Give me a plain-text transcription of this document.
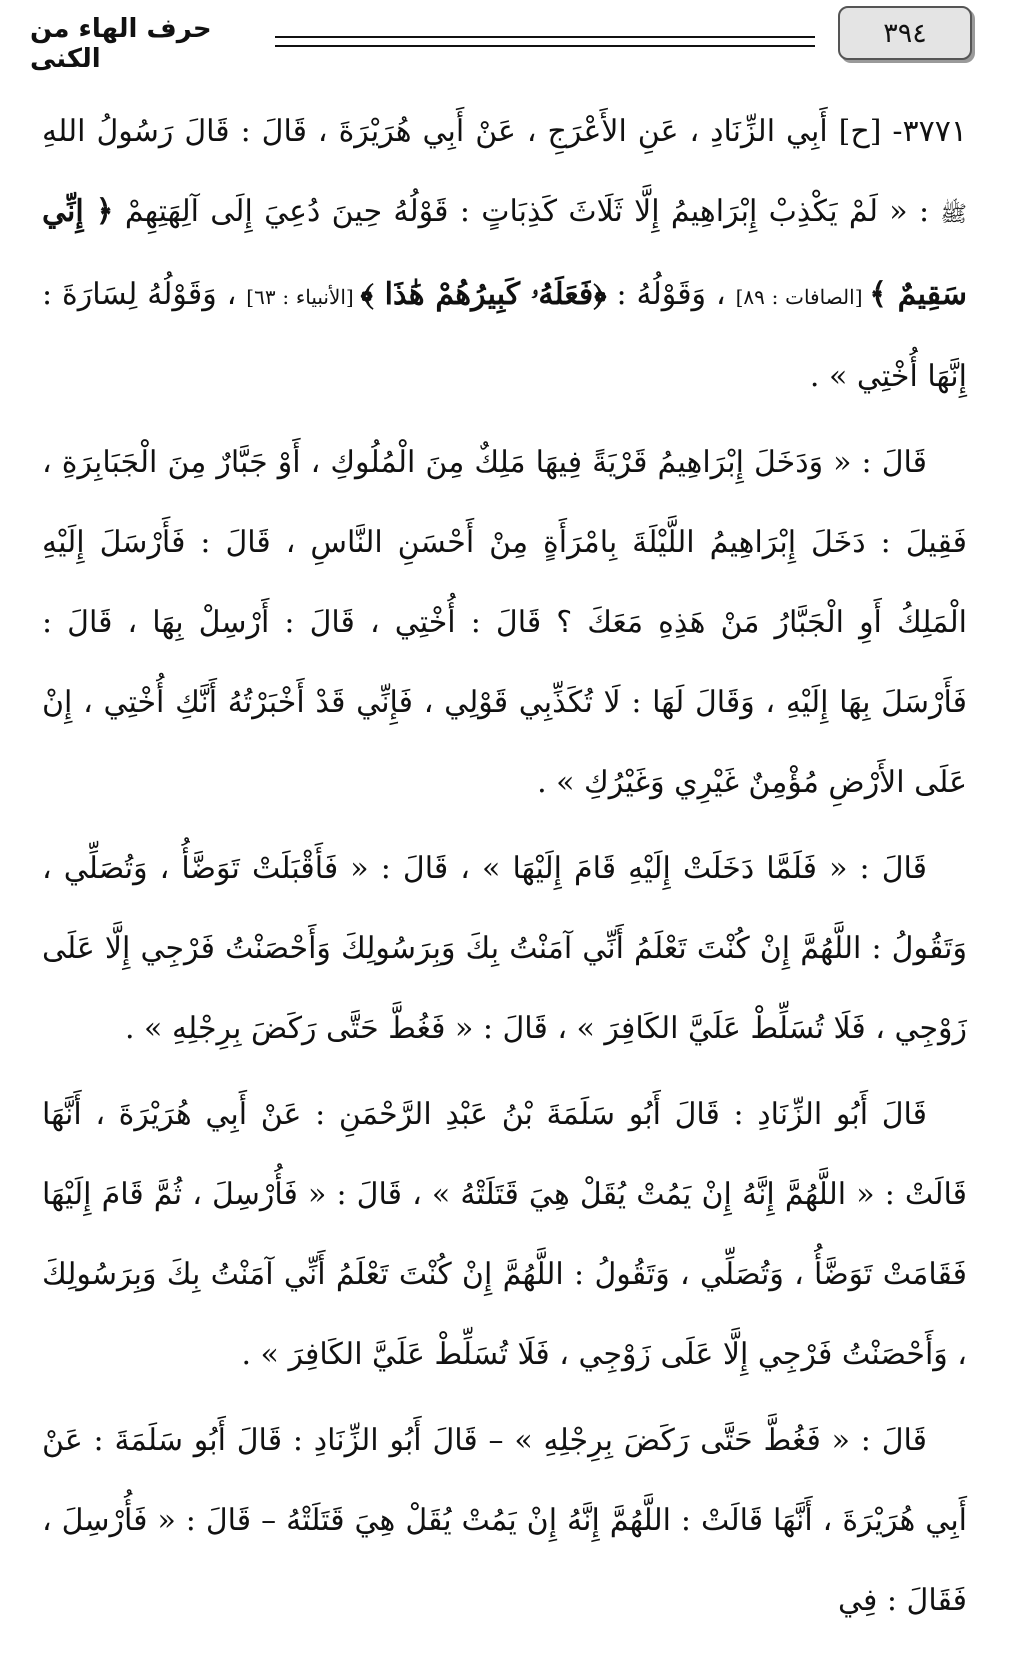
٣٩٤
حرف الهاء من الكنى

٣٧٧١- [ح] أَبِي الزِّنَادِ ، عَنِ الأَعْرَجِ ، عَنْ أَبِي هُرَيْرَةَ ، قَالَ : قَالَ رَسُولُ اللهِ ﷺ : « لَمْ يَكْذِبْ إِبْرَاهِيمُ إِلَّا ثَلَاثَ كَذِبَاتٍ : قَوْلُهُ حِينَ دُعِيَ إِلَى آلِهَتِهِمْ ﴿ إِنِّي سَقِيمٌ ﴾ [الصافات : ٨٩] ، وَقَوْلُهُ : ﴿فَعَلَهُۥ كَبِيرُهُمْ هَٰذَا ﴾ [الأنبياء : ٦٣] ، وَقَوْلُهُ لِسَارَةَ : إِنَّهَا أُخْتِي » .

قَالَ : « وَدَخَلَ إِبْرَاهِيمُ قَرْيَةً فِيهَا مَلِكٌ مِنَ الْمُلُوكِ ، أَوْ جَبَّارٌ مِنَ الْجَبَابِرَةِ ، فَقِيلَ : دَخَلَ إِبْرَاهِيمُ اللَّيْلَةَ بِامْرَأَةٍ مِنْ أَحْسَنِ النَّاسِ ، قَالَ : فَأَرْسَلَ إِلَيْهِ الْمَلِكُ أَوِ الْجَبَّارُ مَنْ هَذِهِ مَعَكَ ؟ قَالَ : أُخْتِي ، قَالَ : أَرْسِلْ بِهَا ، قَالَ : فَأَرْسَلَ بِهَا إِلَيْهِ ، وَقَالَ لَهَا : لَا تُكَذِّبِي قَوْلِي ، فَإِنِّي قَدْ أَخْبَرْتُهُ أَنَّكِ أُخْتِي ، إِنْ عَلَى الأَرْضِ مُؤْمِنٌ غَيْرِي وَغَيْرُكِ » .

قَالَ : « فَلَمَّا دَخَلَتْ إِلَيْهِ قَامَ إِلَيْهَا » ، قَالَ : « فَأَقْبَلَتْ تَوَضَّأُ ، وَتُصَلِّي ، وَتَقُولُ : اللَّهُمَّ إِنْ كُنْتَ تَعْلَمُ أَنِّي آمَنْتُ بِكَ وَبِرَسُولِكَ وَأَحْصَنْتُ فَرْجِي إِلَّا عَلَى زَوْجِي ، فَلَا تُسَلِّطْ عَلَيَّ الكَافِرَ » ، قَالَ : « فَغُطَّ حَتَّى رَكَضَ بِرِجْلِهِ » .

قَالَ أَبُو الزِّنَادِ : قَالَ أَبُو سَلَمَةَ بْنُ عَبْدِ الرَّحْمَنِ : عَنْ أَبِي هُرَيْرَةَ ، أَنَّهَا قَالَتْ : « اللَّهُمَّ إِنَّهُ إِنْ يَمُتْ يُقَلْ هِيَ قَتَلَتْهُ » ، قَالَ : « فَأُرْسِلَ ، ثُمَّ قَامَ إِلَيْهَا فَقَامَتْ تَوَضَّأُ ، وَتُصَلِّي ، وَتَقُولُ : اللَّهُمَّ إِنْ كُنْتَ تَعْلَمُ أَنِّي آمَنْتُ بِكَ وَبِرَسُولِكَ ، وَأَحْصَنْتُ فَرْجِي إِلَّا عَلَى زَوْجِي ، فَلَا تُسَلِّطْ عَلَيَّ الكَافِرَ » .

قَالَ : « فَغُطَّ حَتَّى رَكَضَ بِرِجْلِهِ » – قَالَ أَبُو الزِّنَادِ : قَالَ أَبُو سَلَمَةَ : عَنْ أَبِي هُرَيْرَةَ ، أَنَّهَا قَالَتْ : اللَّهُمَّ إِنَّهُ إِنْ يَمُتْ يُقَلْ هِيَ قَتَلَتْهُ – قَالَ : « فَأُرْسِلَ ، فَقَالَ : فِي
